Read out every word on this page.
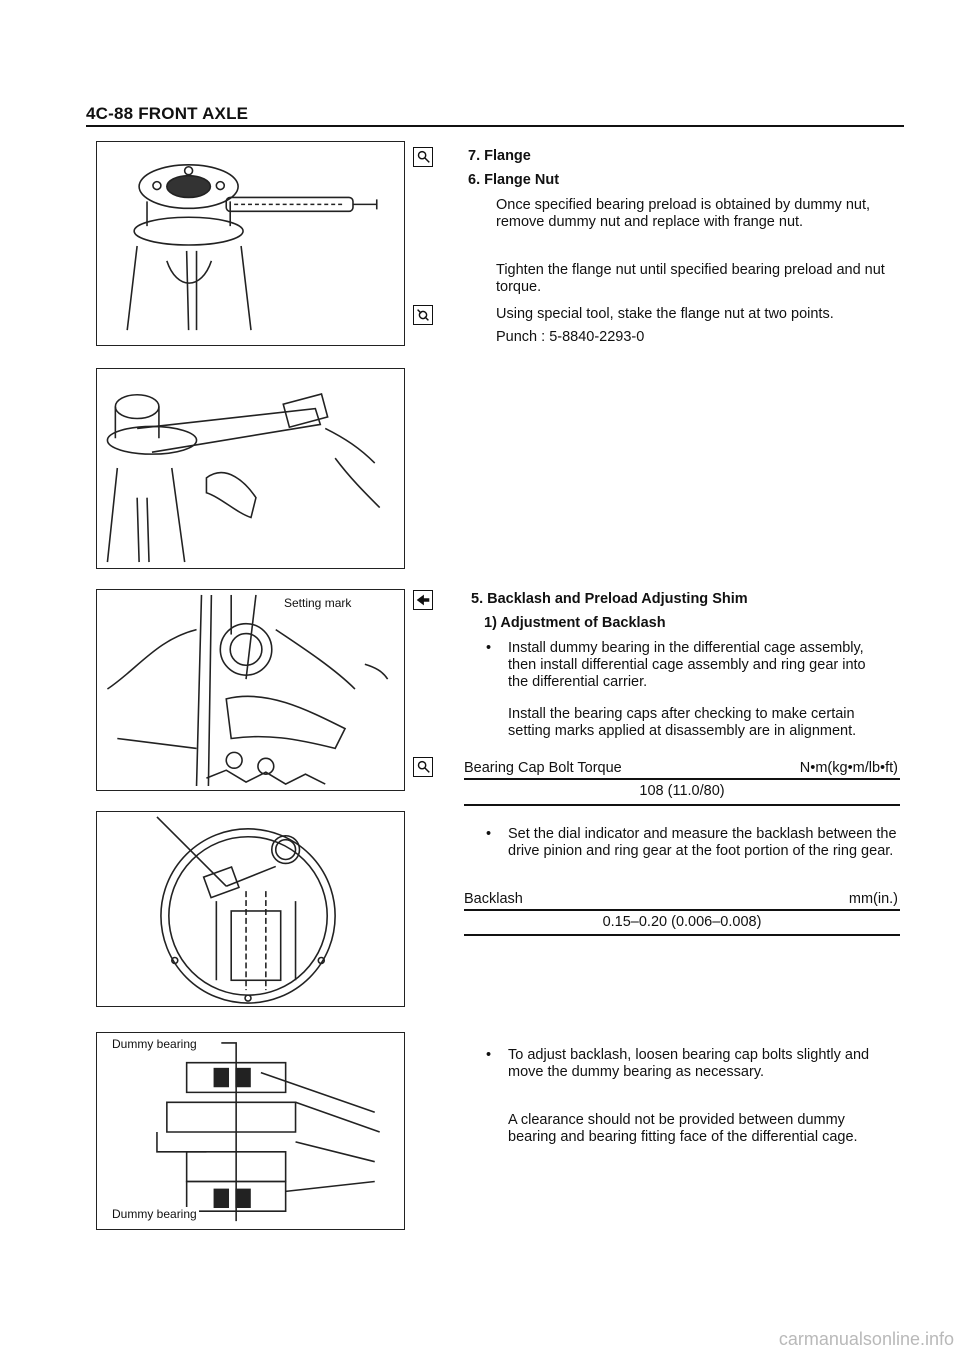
4C-88 FRONT AXLE
Setting mark
Dummy bearing
Dummy bearing
7. Flange
6. Flange Nut
Once specified bearing preload is obtained by dummy nut, remove dummy nut and replace with frange nut.
Tighten the flange nut until specified bearing preload and nut torque.
Using special tool, stake the flange nut at two points.
Punch : 5-8840-2293-0
5. Backlash and Preload Adjusting Shim
1) Adjustment of Backlash
• Install dummy bearing in the differential cage assembly, then install differential cage assembly and ring gear into the differential carrier.
Install the bearing caps after checking to make certain setting marks applied at disassembly are in alignment.
Bearing Cap Bolt Torque	N•m(kg•m/lb•ft)
108 (11.0/80)
• Set the dial indicator and measure the backlash between the drive pinion and ring gear at the foot portion of the ring gear.
Backlash	mm(in.)
0.15–0.20 (0.006–0.008)
• To adjust backlash, loosen bearing cap bolts slightly and move the dummy bearing as necessary.
A clearance should not be provided between dummy bearing and bearing fitting face of the differential cage.
carmanualsonline.info
